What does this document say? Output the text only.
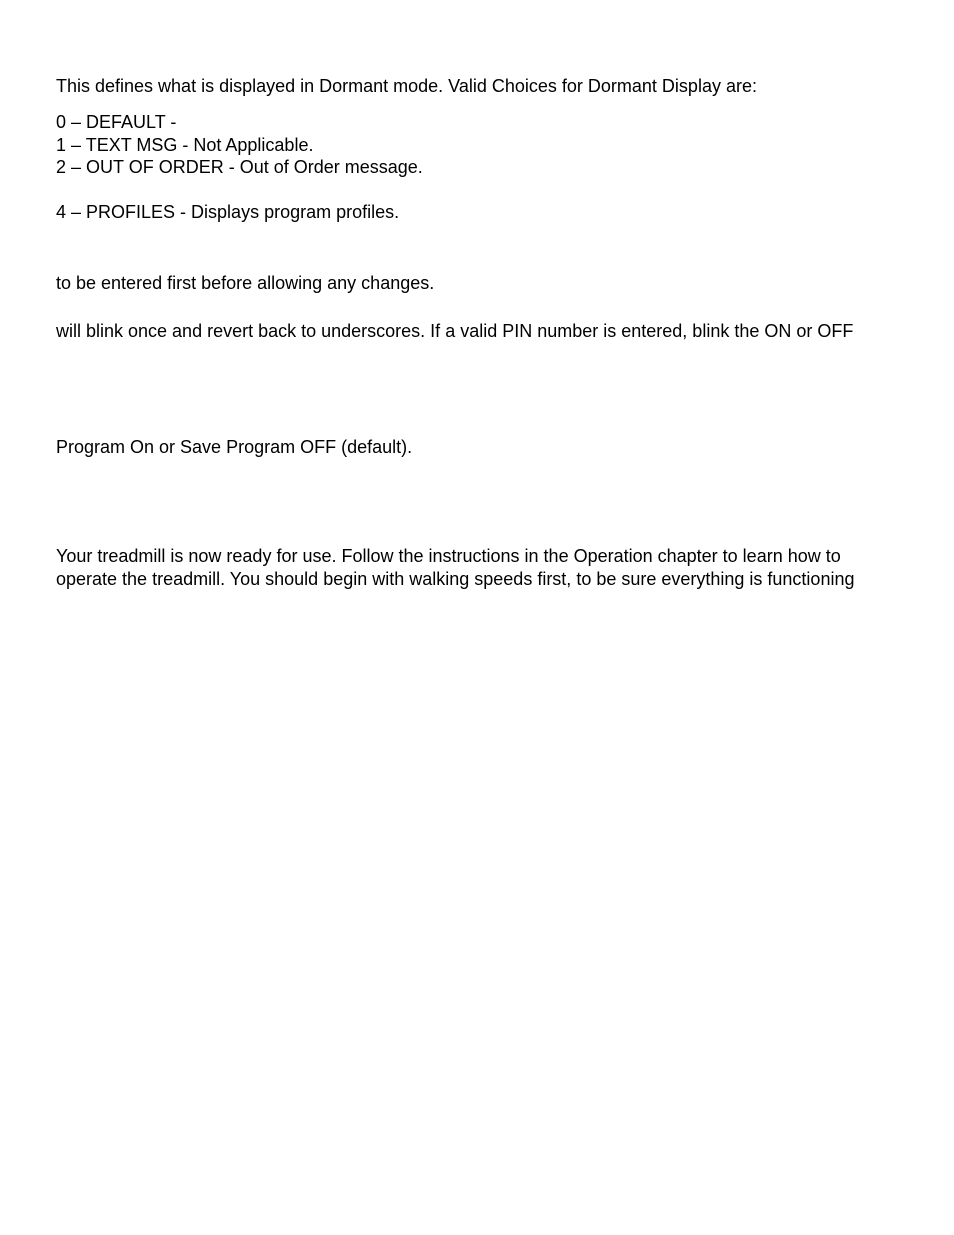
This defines what is displayed in Dormant mode. Valid Choices for Dormant Display are:

0 – DEFAULT -

1 – TEXT MSG - Not Applicable.

2 – OUT OF ORDER - Out of Order message.

4 – PROFILES - Displays program profiles.

to be entered first before allowing any changes.

will blink once and revert back to underscores. If a valid PIN number is entered, blink the ON or OFF

Program On or Save Program OFF (default).

Your treadmill is now ready for use. Follow the instructions in the Operation chapter to learn how to

operate the treadmill. You should begin with walking speeds first, to be sure everything is functioning
